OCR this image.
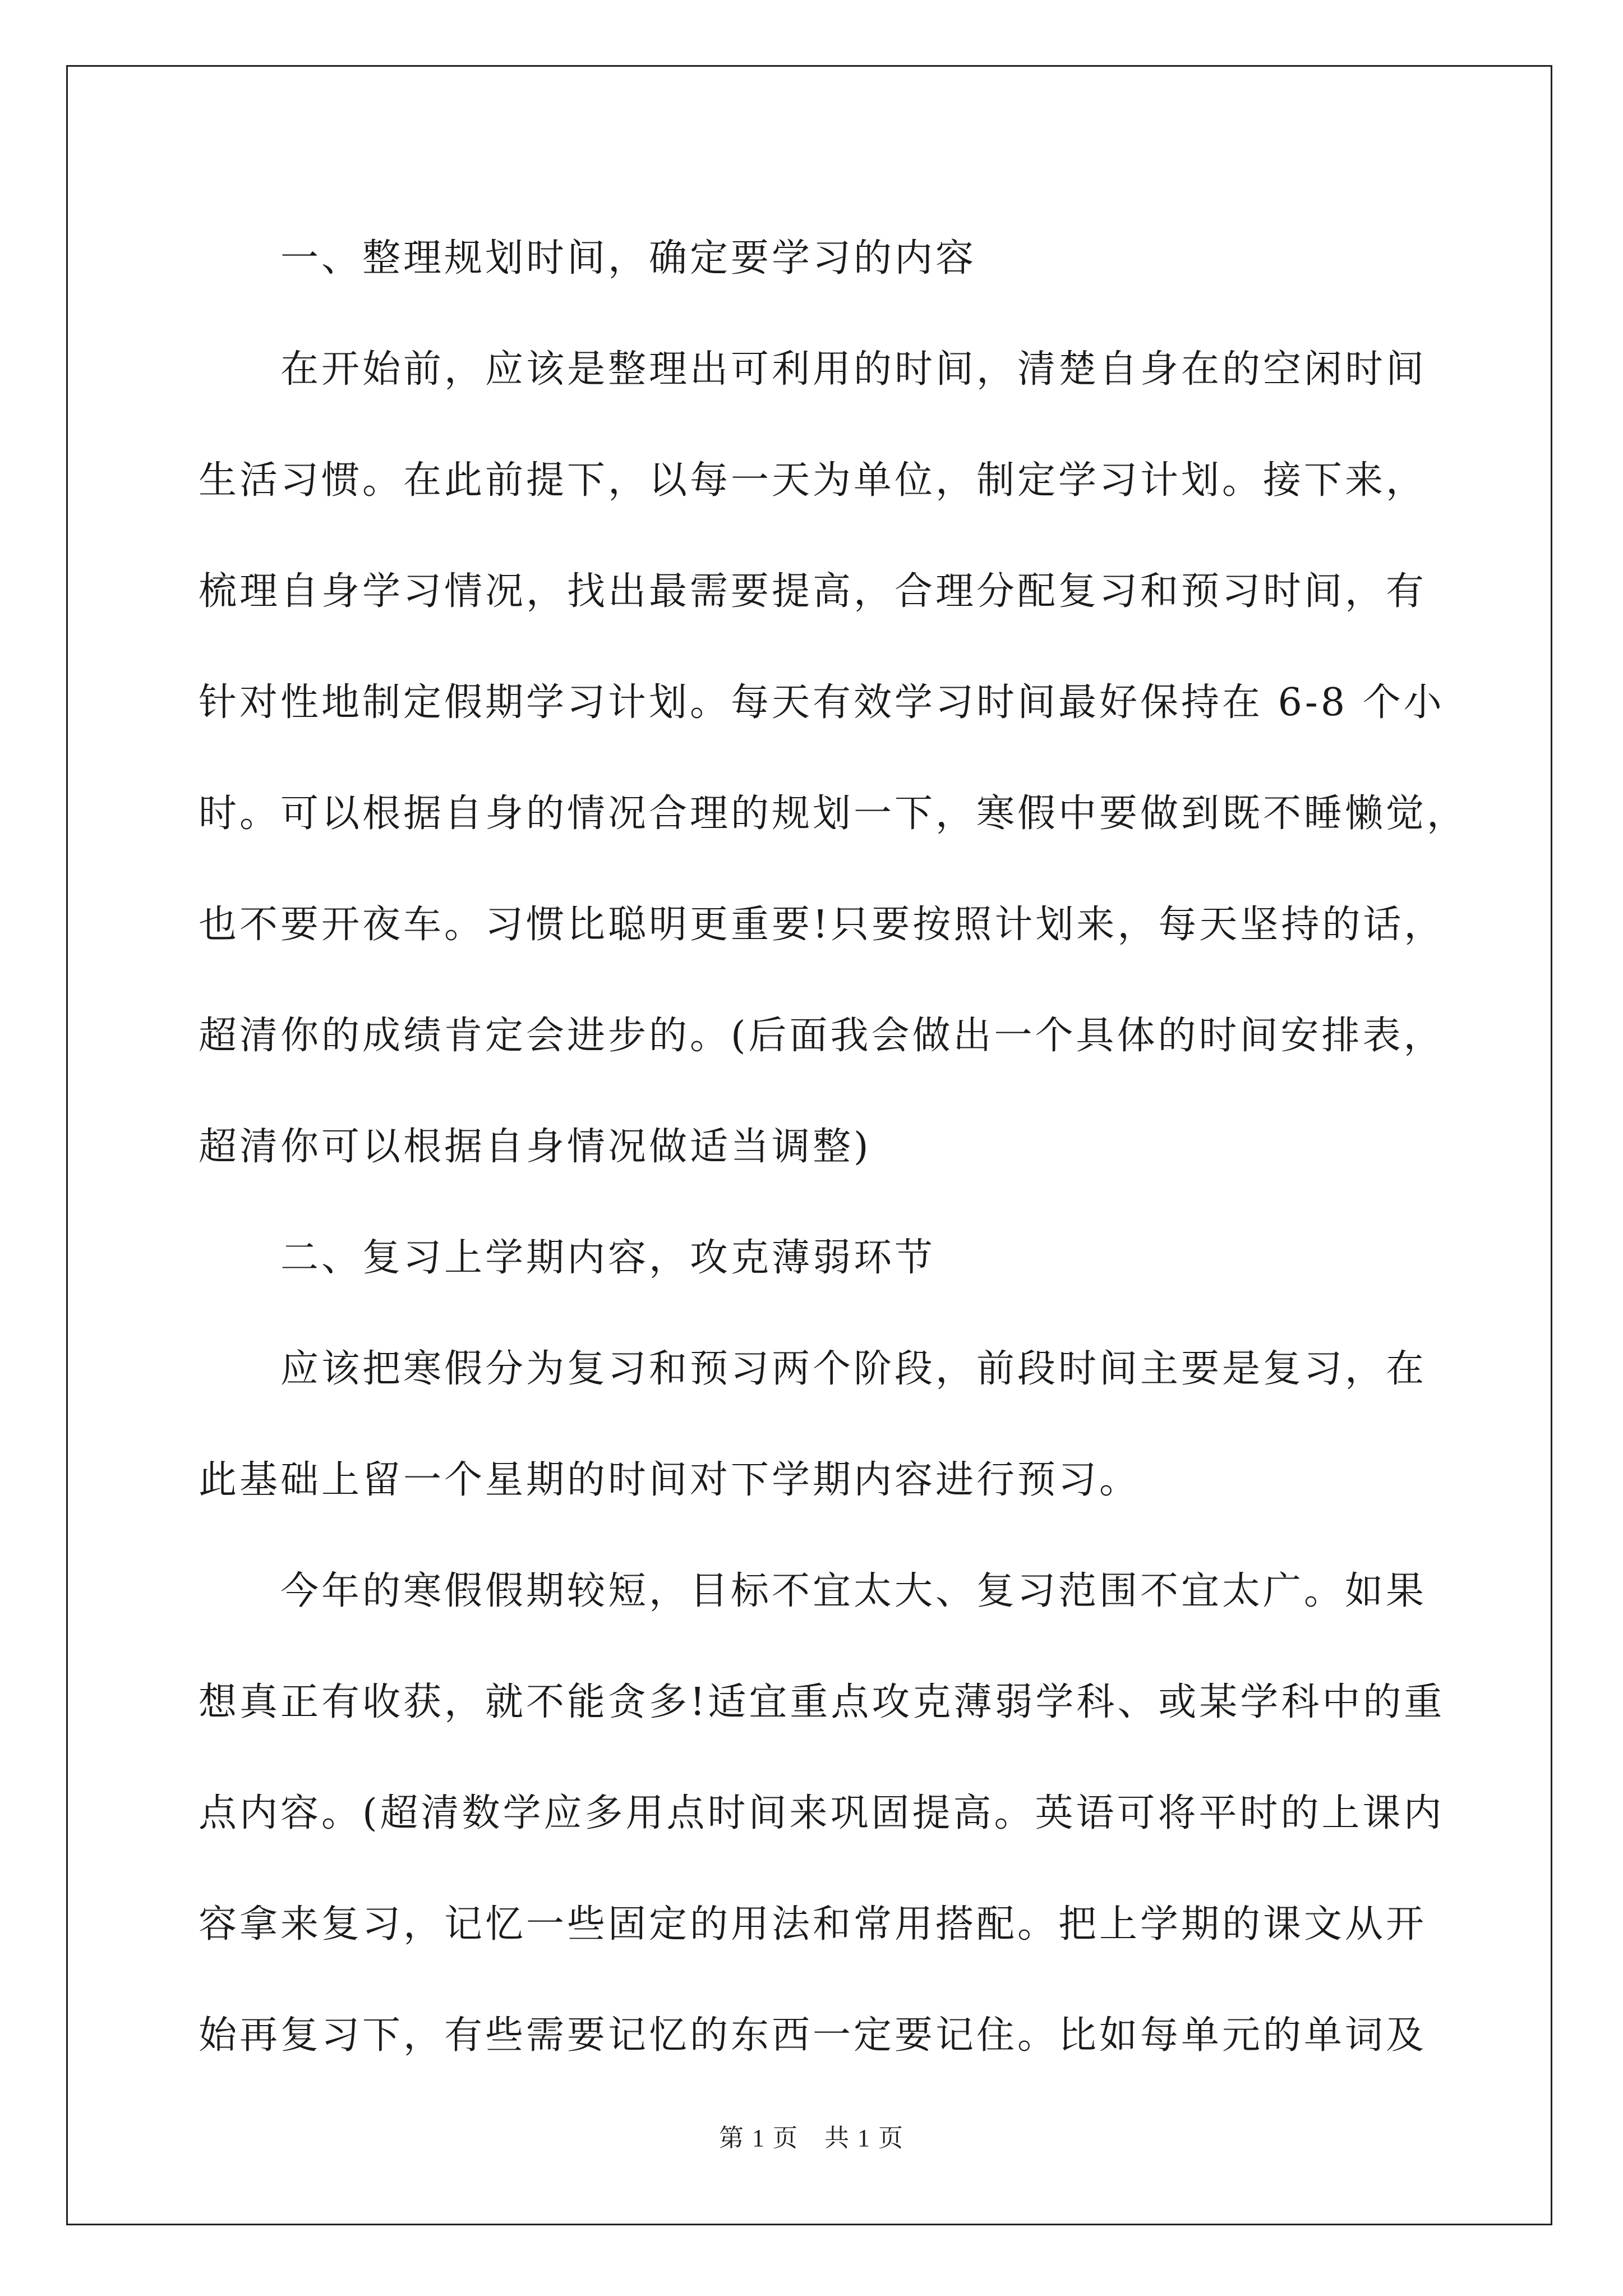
一、整理规划时间，确定要学习的内容
在开始前，应该是整理出可利用的时间，清楚自身在的空闲时间
生活习惯。在此前提下，以每一天为单位，制定学习计划。接下来，
梳理自身学习情况，找出最需要提高，合理分配复习和预习时间，有
针对性地制定假期学习计划。每天有效学习时间最好保持在 6-8 个小
时。可以根据自身的情况合理的规划一下，寒假中要做到既不睡懒觉，
也不要开夜车。习惯比聪明更重要!只要按照计划来，每天坚持的话，
超清你的成绩肯定会进步的。(后面我会做出一个具体的时间安排表，
超清你可以根据自身情况做适当调整)
二、复习上学期内容，攻克薄弱环节
应该把寒假分为复习和预习两个阶段，前段时间主要是复习，在
此基础上留一个星期的时间对下学期内容进行预习。
今年的寒假假期较短，目标不宜太大、复习范围不宜太广。如果
想真正有收获，就不能贪多!适宜重点攻克薄弱学科、或某学科中的重
点内容。(超清数学应多用点时间来巩固提高。英语可将平时的上课内
容拿来复习，记忆一些固定的用法和常用搭配。把上学期的课文从开
始再复习下，有些需要记忆的东西一定要记住。比如每单元的单词及
第 1 页　共 1 页
